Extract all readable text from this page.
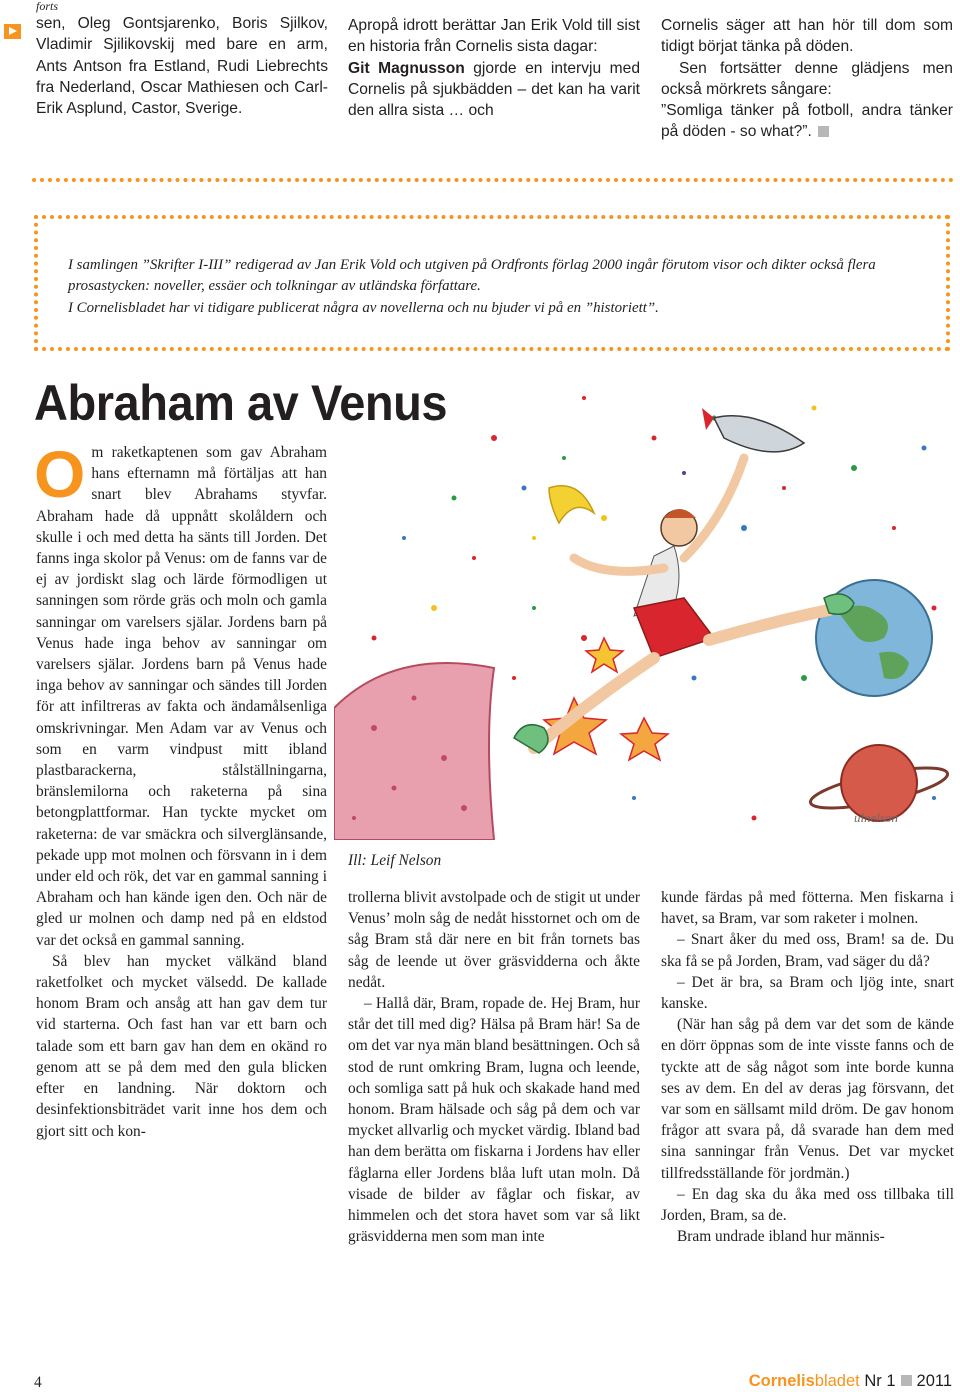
forts
sen, Oleg Gontsjarenko, Boris Sjilkov, Vladimir Sjilikovskij med bare en arm, Ants Antson fra Estland, Rudi Liebrechts fra Nederland, Oscar Mathiesen och Carl-Erik Asplund, Castor, Sverige.
Apropå idrott berättar Jan Erik Vold till sist en historia från Cornelis sista dagar:
Git Magnusson gjorde en intervju med Cornelis på sjukbädden – det kan ha varit den allra sista … och

Cornelis säger att han hör till dom som tidigt börjat tänka på döden.

Sen fortsätter denne glädjens men också mörkrets sångare:

”Somliga tänker på fotboll, andra tänker på döden - so what?”.

I samlingen ”Skrifter I-III” redigerad av Jan Erik Vold och utgiven på Ordfronts förlag 2000 ingår förutom visor och dikter också flera prosastycken: noveller, essäer och tolkningar av utländska författare.

I Cornelisbladet har vi tidigare publicerat några av novellerna och nu bjuder vi på en ”historiett”.

Abraham av Venus
ulnelson
Ill: Leif Nelson

Om raketkaptenen som gav Abraham hans efternamn må förtäljas att han snart blev Abrahams styvfar. Abraham hade då uppnått skolåldern och skulle i och med detta ha sänts till Jorden. Det fanns inga skolor på Venus: om de fanns var de ej av jordiskt slag och lärde förmodligen ut sanningen som rörde gräs och moln och gamla sanningar om varelsers själar. Jordens barn på Venus hade inga behov av sanningar om varelsers själar. Jordens barn på Venus hade inga behov av sanningar och sändes till Jorden för att infiltreras av fakta och ändamålsenliga omskrivningar. Men Adam var av Venus och som en varm vindpust mitt ibland plastbarackerna, stålställningarna, bränslemilorna och raketerna på sina betongplattformar. Han tyckte mycket om raketerna: de var smäckra och silverglänsande, pekade upp mot molnen och försvann in i dem under eld och rök, det var en gammal sanning i Abraham och han kände igen den. Och när de gled ur molnen och damp ned på en eldstod var det också en gammal sanning.

Så blev han mycket välkänd bland raketfolket och mycket välsedd. De kallade honom Bram och ansåg att han gav dem tur vid starterna. Och fast han var ett barn och talade som ett barn gav han dem en okänd ro genom att se på dem med den gula blicken efter en landning. När doktorn och desinfektionsbiträdet varit inne hos dem och gjort sitt och kon-

trollerna blivit avstolpade och de stigit ut under Venus’ moln såg de nedåt hisstornet och om de såg Bram stå där nere en bit från tornets bas såg de leende ut över gräsvidderna och åkte nedåt.

– Hallå där, Bram, ropade de. Hej Bram, hur står det till med dig? Hälsa på Bram här! Sa de om det var nya män bland besättningen. Och så stod de runt omkring Bram, lugna och leende, och somliga satt på huk och skakade hand med honom. Bram hälsade och såg på dem och var mycket allvarlig och mycket värdig. Ibland bad han dem berätta om fiskarna i Jordens hav eller fåglarna eller Jordens blåa luft utan moln. Då visade de bilder av fåglar och fiskar, av himmelen och det stora havet som var så likt gräsvidderna men som man inte

kunde färdas på med fötterna. Men fiskarna i havet, sa Bram, var som raketer i molnen.

– Snart åker du med oss, Bram! sa de. Du ska få se på Jorden, Bram, vad säger du då?

– Det är bra, sa Bram och ljög inte, snart kanske.

(När han såg på dem var det som de kände en dörr öppnas som de inte visste fanns och de tyckte att de såg något som inte borde kunna ses av dem. En del av deras jag försvann, det var som en sällsamt mild dröm. De gav honom frågor att svara på, då svarade han dem med sina sanningar från Venus. Det var mycket tillfredsställande för jordmän.)

– En dag ska du åka med oss tillbaka till Jorden, Bram, sa de.

Bram undrade ibland hur männis-

4	Cornelisbladet Nr 1 2011
